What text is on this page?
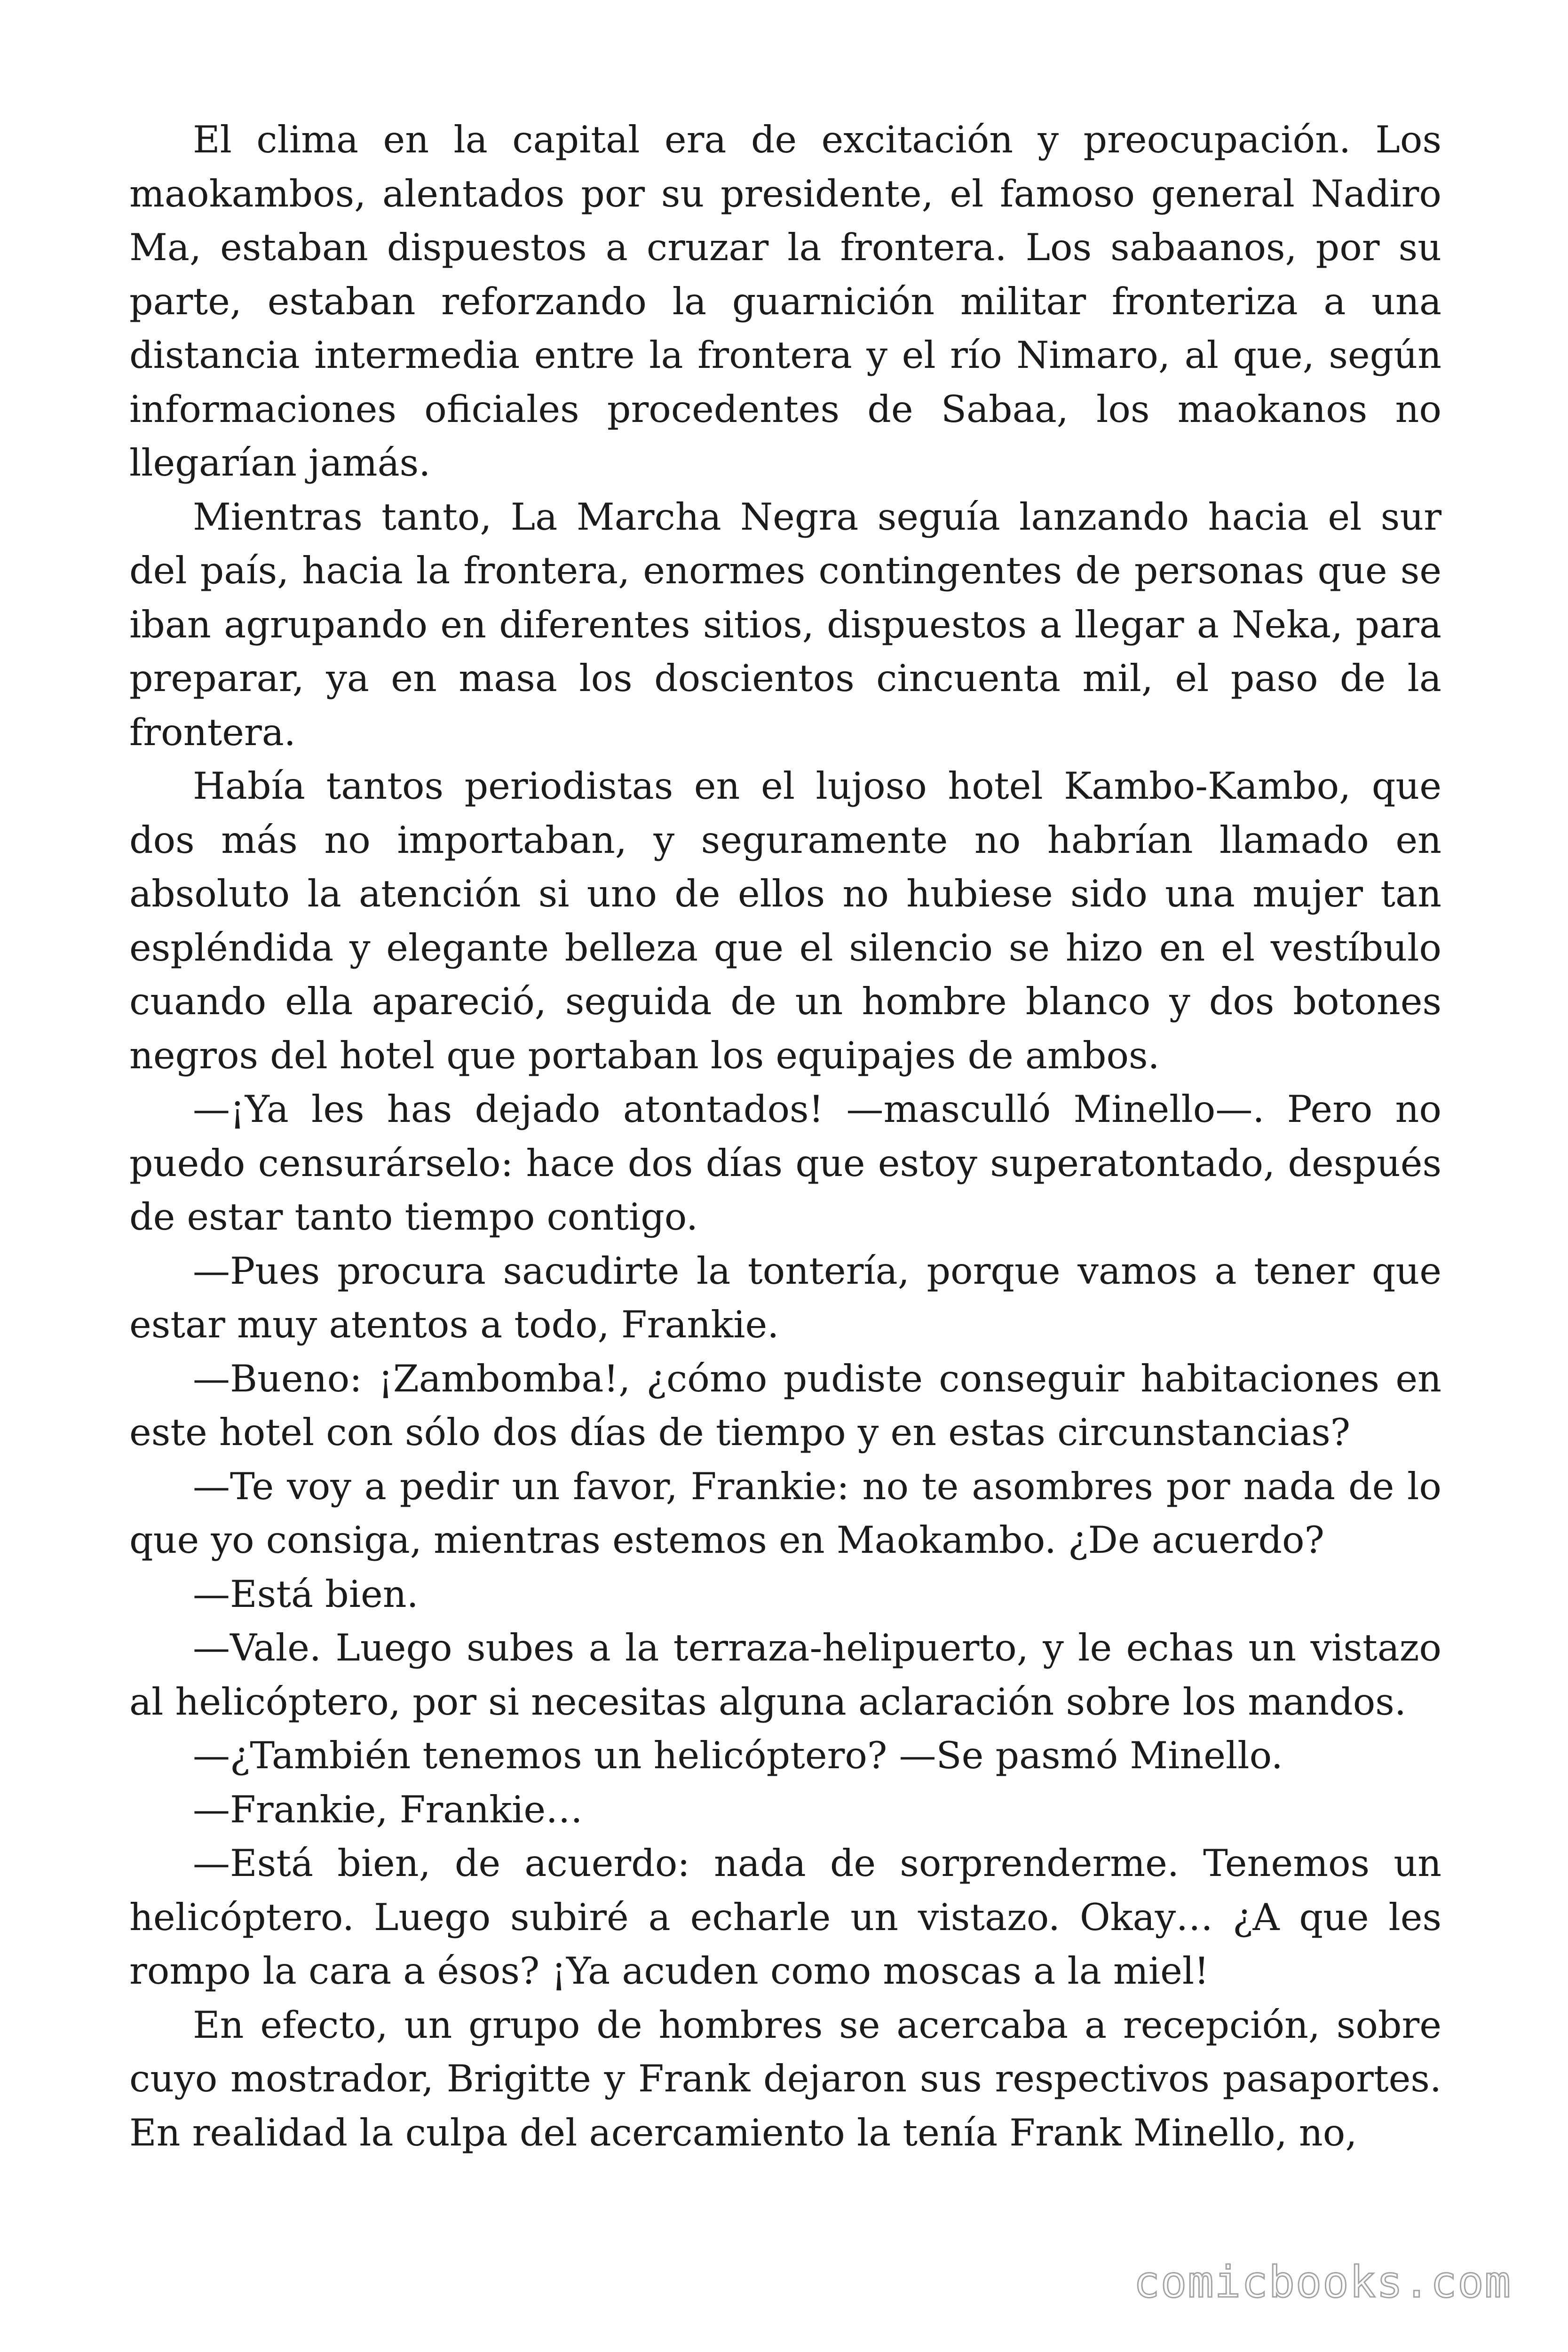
El clima en la capital era de excitación y preocupación. Los maokambos, alentados por su presidente, el famoso general Nadiro Ma, estaban dispuestos a cruzar la frontera. Los sabaanos, por su parte, estaban reforzando la guarnición militar fronteriza a una distancia intermedia entre la frontera y el río Nimaro, al que, según informaciones oficiales procedentes de Sabaa, los maokanos no llegarían jamás.

Mientras tanto, La Marcha Negra seguía lanzando hacia el sur del país, hacia la frontera, enormes contingentes de personas que se iban agrupando en diferentes sitios, dispuestos a llegar a Neka, para preparar, ya en masa los doscientos cincuenta mil, el paso de la frontera.

Había tantos periodistas en el lujoso hotel Kambo-Kambo, que dos más no importaban, y seguramente no habrían llamado en absoluto la atención si uno de ellos no hubiese sido una mujer tan espléndida y elegante belleza que el silencio se hizo en el vestíbulo cuando ella apareció, seguida de un hombre blanco y dos botones negros del hotel que portaban los equipajes de ambos.

—¡Ya les has dejado atontados! —masculló Minello—. Pero no puedo censurárselo: hace dos días que estoy superatontado, después de estar tanto tiempo contigo.

—Pues procura sacudirte la tontería, porque vamos a tener que estar muy atentos a todo, Frankie.

—Bueno: ¡Zambomba!, ¿cómo pudiste conseguir habitaciones en este hotel con sólo dos días de tiempo y en estas circunstancias?

—Te voy a pedir un favor, Frankie: no te asombres por nada de lo que yo consiga, mientras estemos en Maokambo. ¿De acuerdo?

—Está bien.

—Vale. Luego subes a la terraza-helipuerto, y le echas un vistazo al helicóptero, por si necesitas alguna aclaración sobre los mandos.

—¿También tenemos un helicóptero? —Se pasmó Minello.

—Frankie, Frankie…

—Está bien, de acuerdo: nada de sorprenderme. Tenemos un helicóptero. Luego subiré a echarle un vistazo. Okay… ¿A que les rompo la cara a ésos? ¡Ya acuden como moscas a la miel!

En efecto, un grupo de hombres se acercaba a recepción, sobre cuyo mostrador, Brigitte y Frank dejaron sus respectivos pasaportes. En realidad la culpa del acercamiento la tenía Frank Minello, no,

comicbooks.com
